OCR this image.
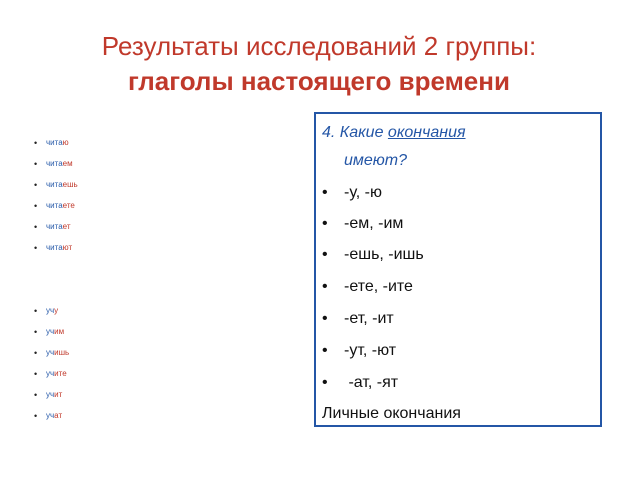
Результаты исследований 2 группы:
глаголы настоящего времени
• читаю
• читаем
• читаешь
• читаете
• читает
• читают
• учу
• учим
• учишь
• учите
• учит
• учат
4. Какие окончания
имеют?
• -у, -ю
• -ем, -им
• -ешь, -ишь
• -ете, -ите
• -ет, -ит
• -ут, -ют
• -ат, -ят
Личные окончания
